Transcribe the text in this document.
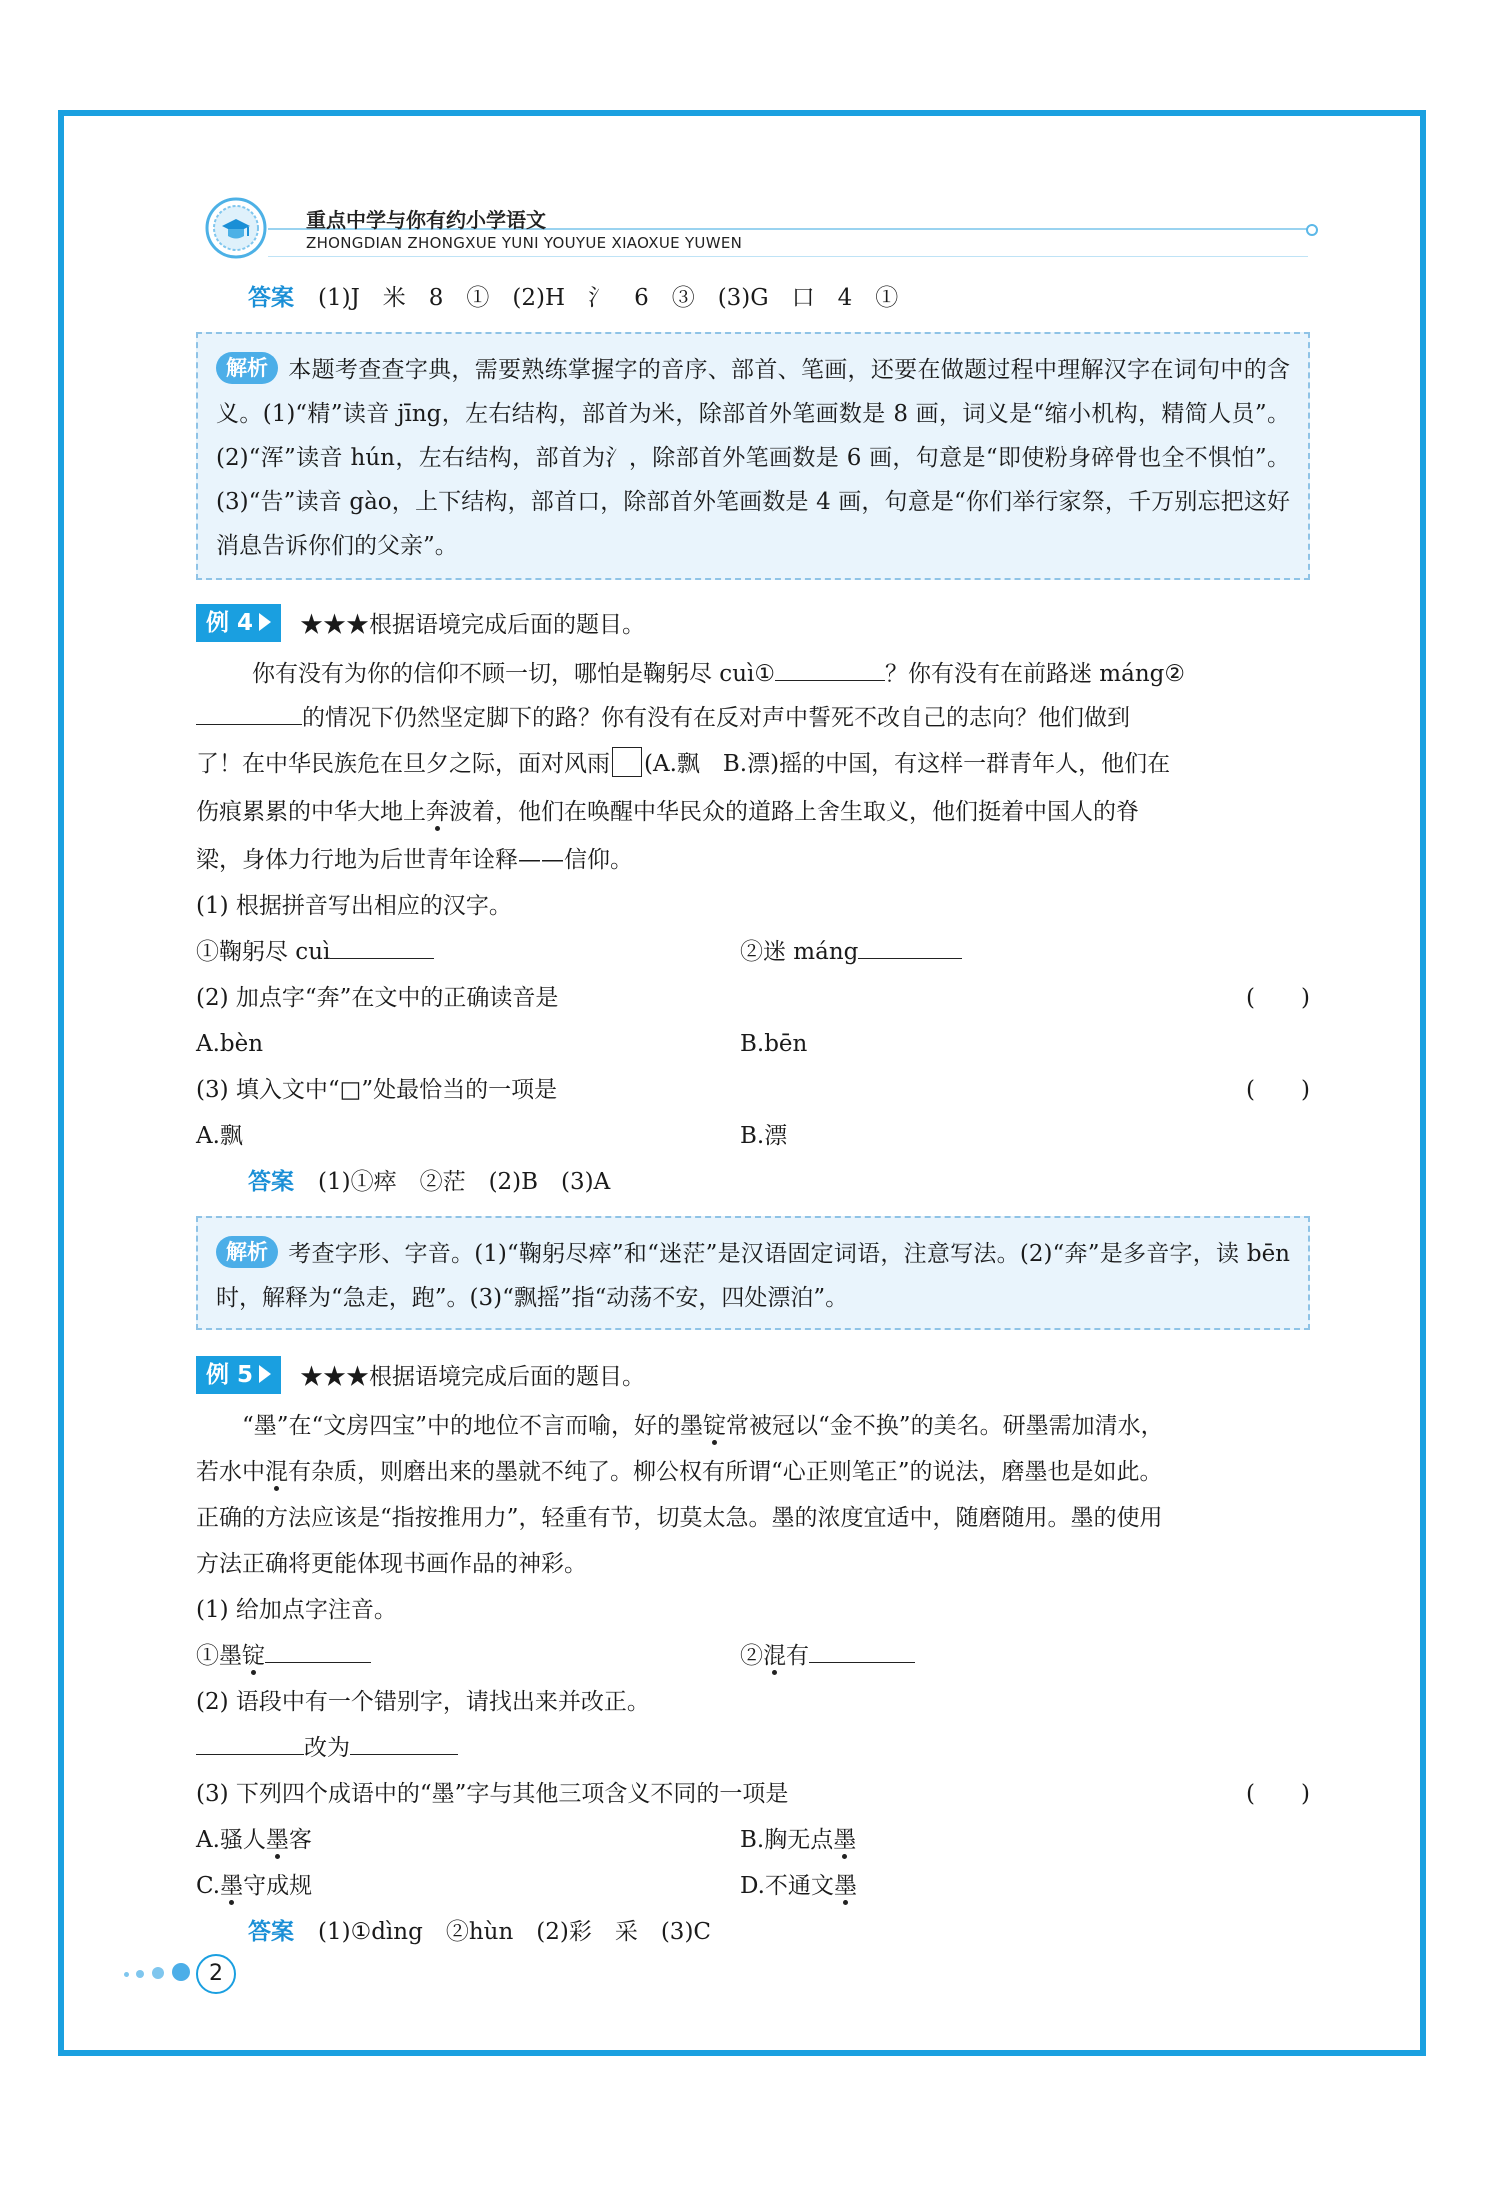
重点中学与你有约小学语文
ZHONGDIAN ZHONGXUE YUNI YOUYUE XIAOXUE YUWEN
答案 (1)J　米　8　①　(2)H　氵　6　③　(3)G　口　4　①
解析 本题考查查字典，需要熟练掌握字的音序、部首、笔画，还要在做题过程中理解汉字在词句中的含义。(1)“精”读音 jīng，左右结构，部首为米，除部首外笔画数是 8 画，词义是“缩小机构，精简人员”。(2)“浑”读音 hún，左右结构，部首为氵，除部首外笔画数是 6 画，句意是“即使粉身碎骨也全不惧怕”。(3)“告”读音 gào，上下结构，部首口，除部首外笔画数是 4 画，句意是“你们举行家祭，千万别忘把这好消息告诉你们的父亲”。
例 4	★★★根据语境完成后面的题目。
你有没有为你的信仰不顾一切，哪怕是鞠躬尽 cuì①	？你有没有在前路迷 máng②
的情况下仍然坚定脚下的路？你有没有在反对声中誓死不改自己的志向？他们做到
了！在中华民族危在旦夕之际，面对风雨 (A.飘　B.漂)摇的中国，有这样一群青年人，他们在
伤痕累累的中华大地上奔波着，他们在唤醒中华民众的道路上舍生取义，他们挺着中国人的脊
梁，身体力行地为后世青年诠释——信仰。
(1) 根据拼音写出相应的汉字。
①鞠躬尽 cuì	②迷 máng
(2) 加点字“奔”在文中的正确读音是	(　　)
A.bèn	B.bēn
(3) 填入文中“□”处最恰当的一项是	(　　)
A.飘	B.漂
答案 (1)①瘁　②茫　(2)B　(3)A
解析 考查字形、字音。(1)“鞠躬尽瘁”和“迷茫”是汉语固定词语，注意写法。(2)“奔”是多音字，读 bēn 时，解释为“急走，跑”。(3)“飘摇”指“动荡不安，四处漂泊”。
例 5	★★★根据语境完成后面的题目。
“墨”在“文房四宝”中的地位不言而喻，好的墨锭常被冠以“金不换”的美名。研墨需加清水，
若水中混有杂质，则磨出来的墨就不纯了。柳公权有所谓“心正则笔正”的说法，磨墨也是如此。
正确的方法应该是“指按推用力”，轻重有节，切莫太急。墨的浓度宜适中，随磨随用。墨的使用
方法正确将更能体现书画作品的神彩。
(1) 给加点字注音。
①墨锭	②混有
(2) 语段中有一个错别字，请找出来并改正。
改为
(3) 下列四个成语中的“墨”字与其他三项含义不同的一项是	(　　)
A.骚人墨客	B.胸无点墨
C.墨守成规	D.不通文墨
答案 (1)①dìng　②hùn　(2)彩　采　(3)C
2
